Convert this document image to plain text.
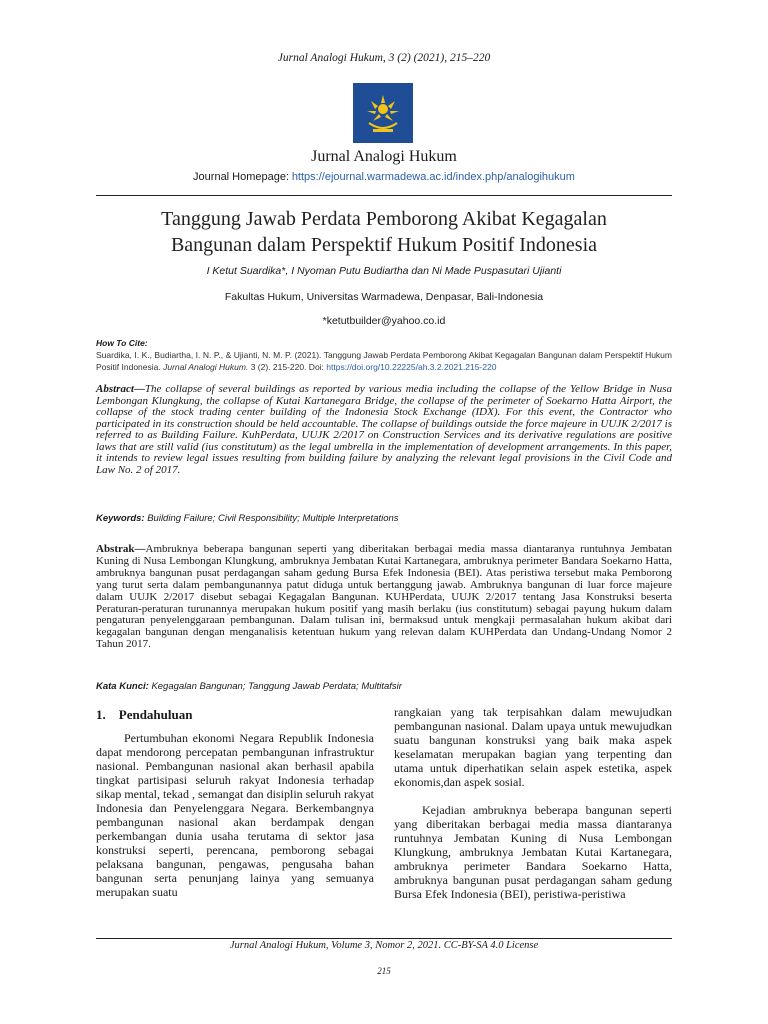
Jurnal Analogi Hukum, 3 (2) (2021), 215–220
Jurnal Analogi Hukum
Journal Homepage: https://ejournal.warmadewa.ac.id/index.php/analogihukum
Tanggung Jawab Perdata Pemborong Akibat Kegagalan
Bangunan dalam Perspektif Hukum Positif Indonesia
I Ketut Suardika*, I Nyoman Putu Budiartha dan Ni Made Puspasutari Ujianti
Fakultas Hukum, Universitas Warmadewa, Denpasar, Bali-Indonesia
*ketutbuilder@yahoo.co.id
How To Cite:
Suardika, I. K., Budiartha, I. N. P., & Ujianti, N. M. P. (2021). Tanggung Jawab Perdata Pemborong Akibat Kegagalan Bangunan dalam Perspektif Hukum Positif Indonesia. Jurnal Analogi Hukum. 3 (2). 215-220. Doi: https://doi.org/10.22225/ah.3.2.2021.215-220
Abstract—The collapse of several buildings as reported by various media including the collapse of the Yellow Bridge in Nusa Lembongan Klungkung, the collapse of Kutai Kartanegara Bridge, the collapse of the perimeter of Soekarno Hatta Airport, the collapse of the stock trading center building of the Indonesia Stock Exchange (IDX). For this event, the Contractor who participated in its construction should be held accountable. The collapse of buildings outside the force majeure in UUJK 2/2017 is referred to as Building Failure. KuhPerdata, UUJK 2/2017 on Construction Services and its derivative regulations are positive laws that are still valid (ius constitutum) as the legal umbrella in the implementation of development arrangements. In this paper, it intends to review legal issues resulting from building failure by analyzing the relevant legal provisions in the Civil Code and Law No. 2 of 2017.
Keywords: Building Failure; Civil Responsibility; Multiple Interpretations
Abstrak—Ambruknya beberapa bangunan seperti yang diberitakan berbagai media massa diantaranya runtuhnya Jembatan Kuning di Nusa Lembongan Klungkung, ambruknya Jembatan Kutai Kartanegara, ambruknya perimeter Bandara Soekarno Hatta, ambruknya bangunan pusat perdagangan saham gedung Bursa Efek Indonesia (BEI). Atas peristiwa tersebut maka Pemborong yang turut serta dalam pembangunannya patut diduga untuk bertanggung jawab. Ambruknya bangunan di luar force majeure dalam UUJK 2/2017 disebut sebagai Kegagalan Bangunan. KUHPerdata, UUJK 2/2017 tentang Jasa Konstruksi beserta Peraturan-peraturan turunannya merupakan hukum positif yang masih berlaku (ius constitutum) sebagai payung hukum dalam pengaturan penyelenggaraan pembangunan. Dalam tulisan ini, bermaksud untuk mengkaji permasalahan hukum akibat dari kegagalan bangunan dengan menganalisis ketentuan hukum yang relevan dalam KUHPerdata dan Undang-Undang Nomor 2 Tahun 2017.
Kata Kunci: Kegagalan Bangunan; Tanggung Jawab Perdata; Multitafsir
1.    Pendahuluan

Pertumbuhan ekonomi Negara Republik Indonesia dapat mendorong percepatan pembangunan infrastruktur nasional. Pembangunan nasional akan berhasil apabila tingkat partisipasi seluruh rakyat Indonesia terhadap sikap mental, tekad , semangat dan disiplin seluruh rakyat Indonesia dan Penyelenggara Negara. Berkembangnya pembangunan nasional akan berdampak dengan perkembangan dunia usaha terutama di sektor jasa konstruksi seperti, perencana, pemborong sebagai pelaksana bangunan, pengawas, pengusaha bahan bangunan serta penunjang lainya yang semuanya merupakan suatu

rangkaian yang tak terpisahkan dalam mewujudkan pembangunan nasional. Dalam upaya untuk mewujudkan suatu bangunan konstruksi yang baik maka aspek keselamatan merupakan bagian yang terpenting dan utama untuk diperhatikan selain aspek estetika, aspek ekonomis,dan aspek sosial.

Kejadian ambruknya beberapa bangunan seperti yang diberitakan berbagai media massa diantaranya runtuhnya Jembatan Kuning di Nusa Lembongan Klungkung, ambruknya Jembatan Kutai Kartanegara, ambruknya perimeter Bandara Soekarno Hatta, ambruknya bangunan pusat perdagangan saham gedung Bursa Efek Indonesia (BEI), peristiwa-peristiwa

Jurnal Analogi Hukum, Volume 3, Nomor 2, 2021. CC-BY-SA 4.0 License
215
